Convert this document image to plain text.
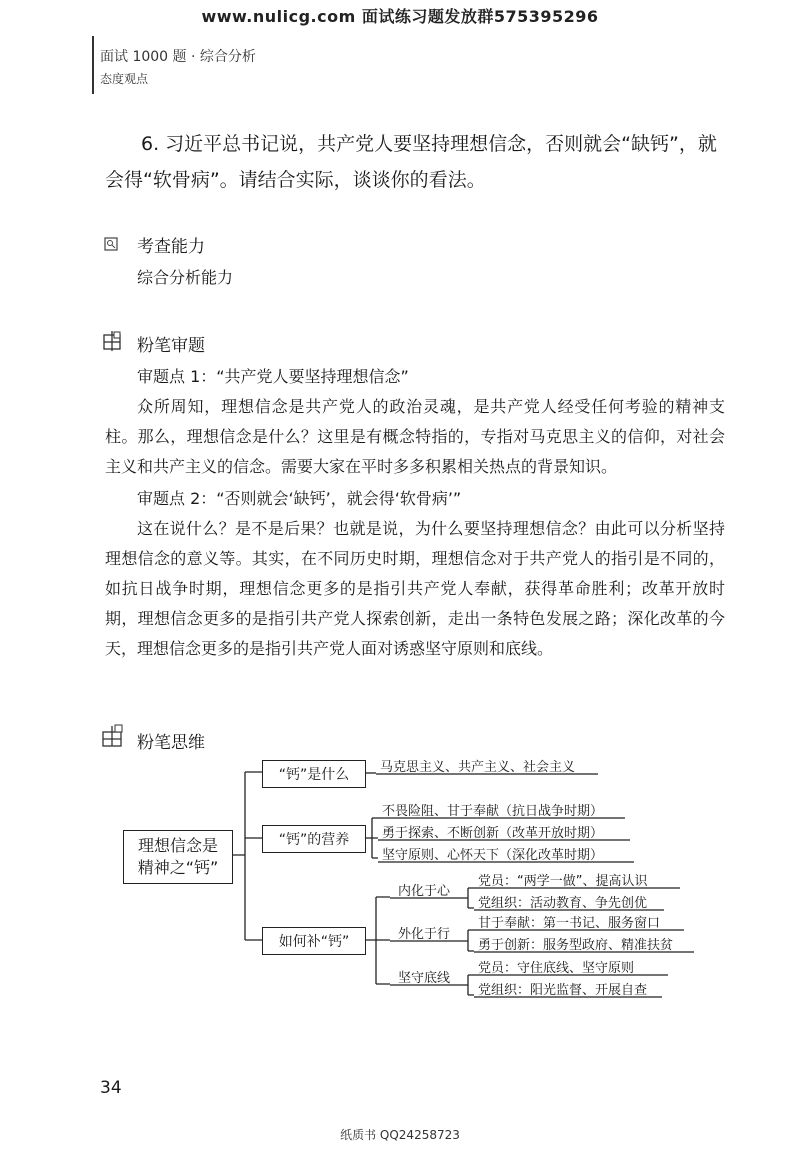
www.nulicg.com 面试练习题发放群575395296
面试 1000 题 · 综合分析
态度观点
6. 习近平总书记说，共产党人要坚持理想信念，否则就会“缺钙”，就会得“软骨病”。请结合实际，谈谈你的看法。
考查能力
综合分析能力
粉笔审题
审题点 1：“共产党人要坚持理想信念”
众所周知，理想信念是共产党人的政治灵魂，是共产党人经受任何考验的精神支柱。那么，理想信念是什么？这里是有概念特指的，专指对马克思主义的信仰，对社会主义和共产主义的信念。需要大家在平时多多积累相关热点的背景知识。
审题点 2：“否则就会‘缺钙’，就会得‘软骨病’”
这在说什么？是不是后果？也就是说，为什么要坚持理想信念？由此可以分析坚持理想信念的意义等。其实，在不同历史时期，理想信念对于共产党人的指引是不同的，如抗日战争时期，理想信念更多的是指引共产党人奉献，获得革命胜利；改革开放时期，理想信念更多的是指引共产党人探索创新，走出一条特色发展之路；深化改革的今天，理想信念更多的是指引共产党人面对诱惑坚守原则和底线。
粉笔思维
理想信念是
精神之“钙”
“钙”是什么
“钙”的营养
如何补“钙”
马克思主义、共产主义、社会主义
不畏险阻、甘于奉献（抗日战争时期）
勇于探索、不断创新（改革开放时期）
坚守原则、心怀天下（深化改革时期）
内化于心
外化于行
坚守底线
党员：“两学一做”、提高认识
党组织：活动教育、争先创优
甘于奉献：第一书记、服务窗口
勇于创新：服务型政府、精准扶贫
党员：守住底线、坚守原则
党组织：阳光监督、开展自查
34
纸质书 QQ24258723
